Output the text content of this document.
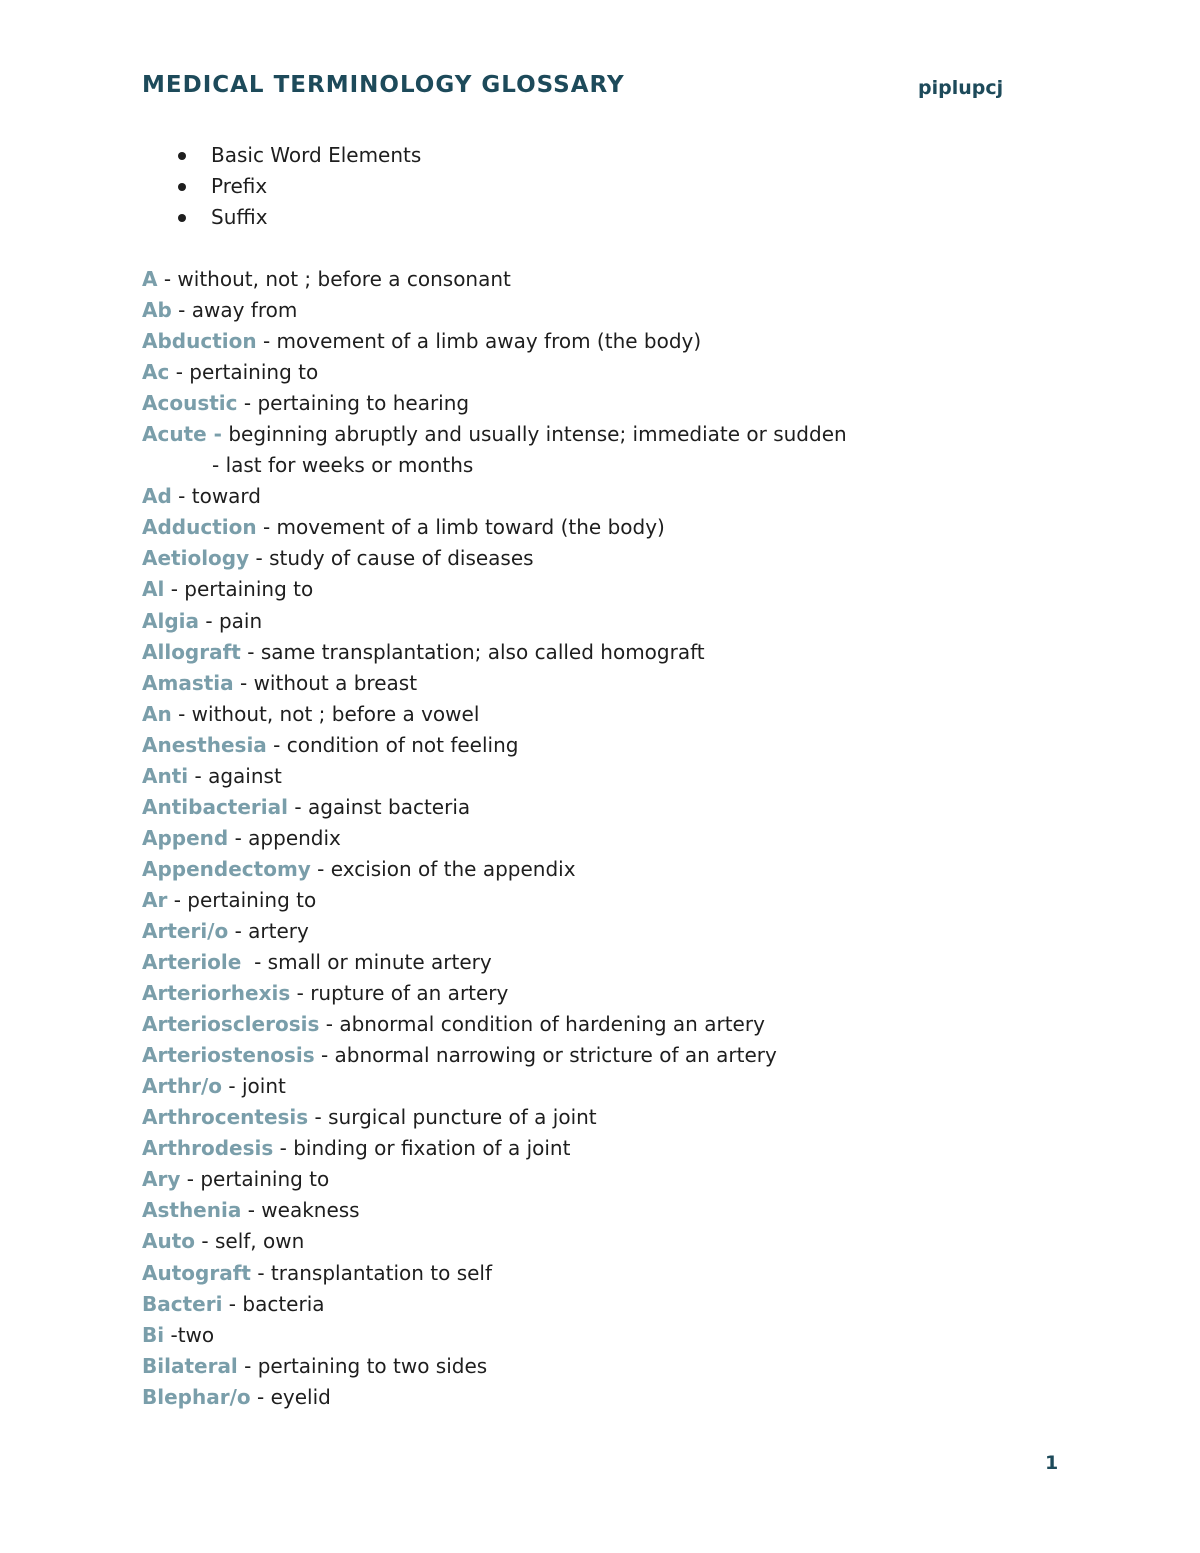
MEDICAL TERMINOLOGY GLOSSARY	piplupcj
Basic Word Elements
Prefix
Suffix
A - without, not ; before a consonant
Ab - away from
Abduction - movement of a limb away from (the body)
Ac - pertaining to
Acoustic - pertaining to hearing
Acute - beginning abruptly and usually intense; immediate or sudden
- last for weeks or months
Ad - toward
Adduction - movement of a limb toward (the body)
Aetiology - study of cause of diseases
Al - pertaining to
Algia - pain
Allograft - same transplantation; also called homograft
Amastia - without a breast
An - without, not ; before a vowel
Anesthesia - condition of not feeling
Anti - against
Antibacterial - against bacteria
Append - appendix
Appendectomy - excision of the appendix
Ar - pertaining to
Arteri/o - artery
Arteriole  - small or minute artery
Arteriorhexis - rupture of an artery
Arteriosclerosis - abnormal condition of hardening an artery
Arteriostenosis - abnormal narrowing or stricture of an artery
Arthr/o - joint
Arthrocentesis - surgical puncture of a joint
Arthrodesis - binding or fixation of a joint
Ary - pertaining to
Asthenia - weakness
Auto - self, own
Autograft - transplantation to self
Bacteri - bacteria
Bi -two
Bilateral - pertaining to two sides
Blephar/o - eyelid
1
